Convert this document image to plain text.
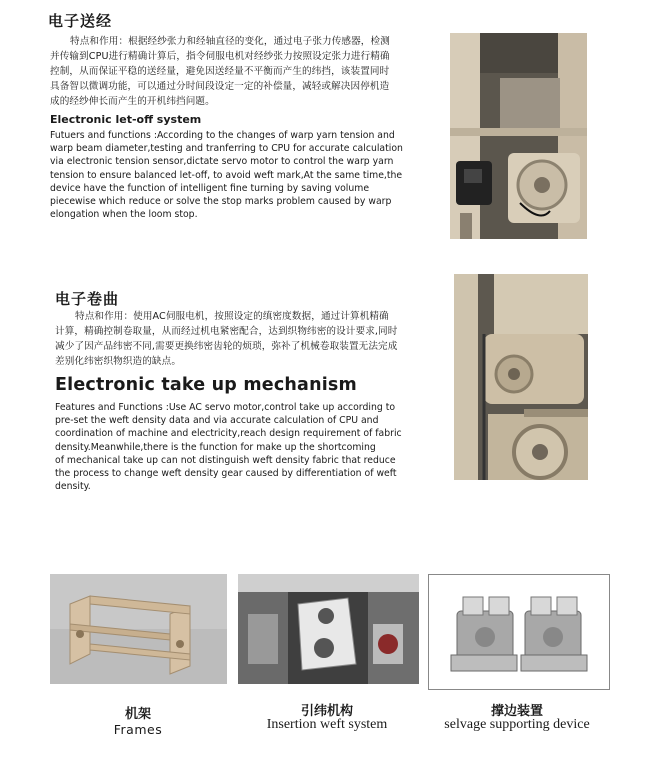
电子送经
特点和作用：根据经纱张力和经轴直径的变化，通过电子张力传感器，检测
并传输到CPU进行精确计算后，指令伺服电机对经纱张力按照设定张力进行精确
控制，从而保证平稳的送经量，避免因送经量不平衡而产生的纬挡，该装置同时
具备智以微调功能，可以通过分时间段设定一定的补偿量，减轻或解决因停机造
成的经纱伸长而产生的开机纬挡问题。
Electronic let-off system
Futuers and functions :According to the changes of warp yarn tension and
warp beam diameter,testing and tranferring to CPU for accurate calculation
via electronic tension sensor,dictate servo motor to control the warp yarn
tension to ensure balanced let-off, to avoid weft mark,At the same time,the
device have the function of intelligent fine turning by saving volume
piecewise which reduce or solve the stop marks problem caused by warp
elongation when the loom stop.
电子卷曲
特点和作用：使用AC伺服电机，按照设定的缜密度数据，通过计算机精确
计算，精确控制卷取量，从而经过机电紧密配合，达到织物纬密的设计要求,同时
减少了因产品纬密不同,需要更换纬密齿轮的烦琐，弥补了机械卷取装置无法完成
差别化纬密织物织造的缺点。
Electronic take up mechanism
Features and Functions :Use AC servo motor,control take up according to
pre-set the weft density data and via accurate calculation of CPU and
coordination of machine and electricity,reach design requirement of fabric
density.Meanwhile,there is the function for make up the shortcoming
of mechanical take up can not distinguish weft density fabric that reduce
the process to change weft density gear caused by differentiation of weft
density.
机架
Frames
引纬机构
Insertion weft system
撑边装置
selvage supporting device
